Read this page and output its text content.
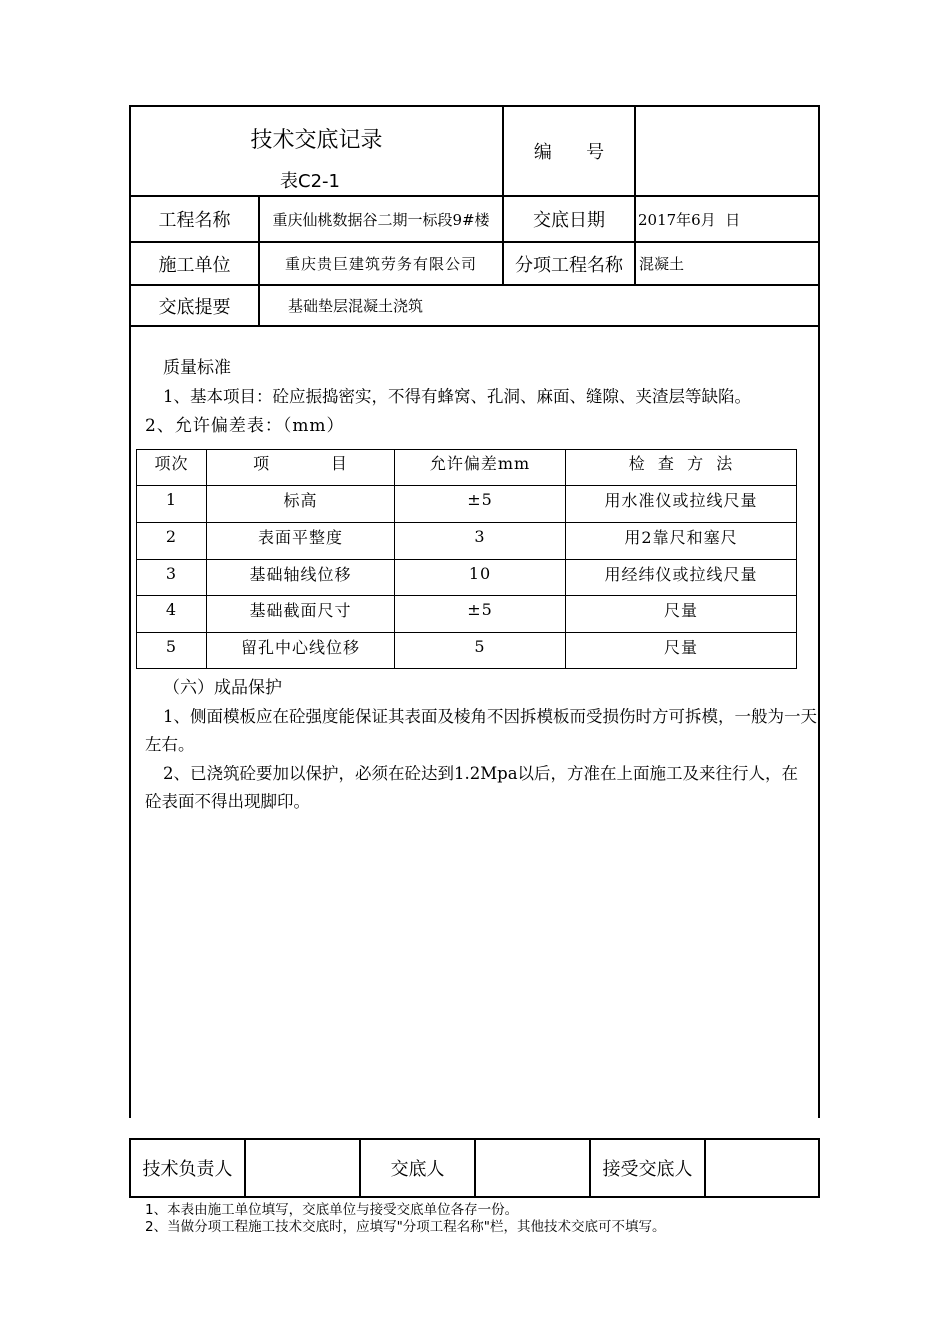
技术交底记录
表C2-1
编      号
工程名称	重庆仙桃数据谷二期一标段9#楼	交底日期	2017年6月  日
施工单位	重庆贵巨建筑劳务有限公司	分项工程名称	混凝土
交底提要	基础垫层混凝土浇筑
质量标准
1、基本项目：砼应振捣密实，不得有蜂窝、孔洞、麻面、缝隙、夹渣层等缺陷。
2、允许偏差表：（mm）
项次	项          目	允许偏差mm	检  查  方  法
1	标高	±5	用水准仪或拉线尺量
2	表面平整度	3	用2靠尺和塞尺
3	基础轴线位移	10	用经纬仪或拉线尺量
4	基础截面尺寸	±5	尺量
5	留孔中心线位移	5	尺量
（六）成品保护
1、侧面模板应在砼强度能保证其表面及棱角不因拆模板而受损伤时方可拆模，一般为一天左右。
2、已浇筑砼要加以保护，必须在砼达到1.2Mpa以后，方准在上面施工及来往行人，在砼表面不得出现脚印。
技术负责人	交底人	接受交底人
1、本表由施工单位填写，交底单位与接受交底单位各存一份。
2、当做分项工程施工技术交底时，应填写"分项工程名称"栏，其他技术交底可不填写。
